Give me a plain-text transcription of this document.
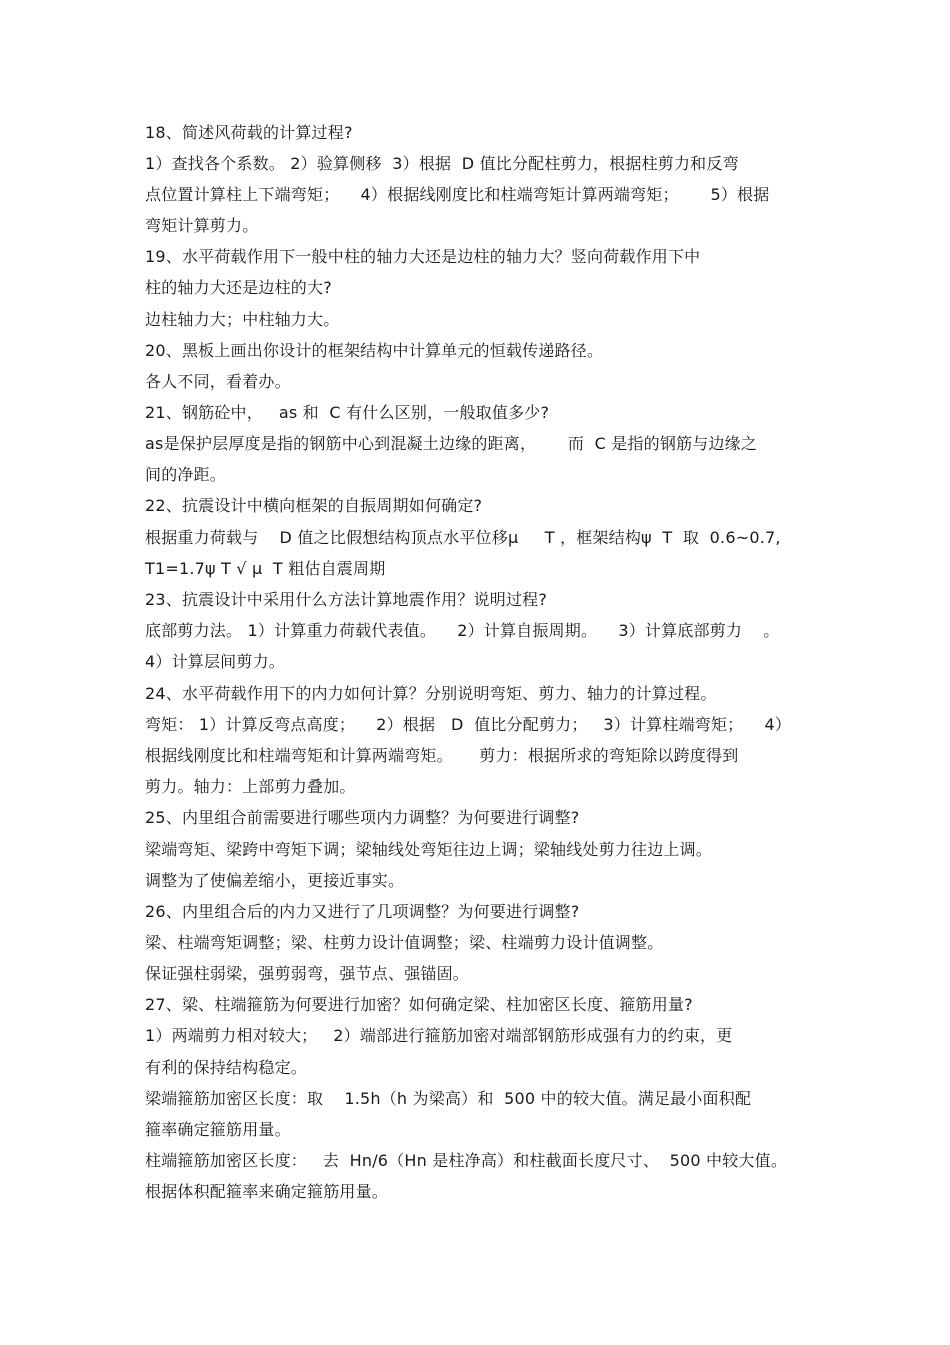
18、简述风荷载的计算过程?
1）查找各个系数。 2）验算侧移  3）根据  D 值比分配柱剪力，根据柱剪力和反弯
点位置计算柱上下端弯矩；    4）根据线刚度比和柱端弯矩计算两端弯矩；      5）根据
弯矩计算剪力。
19、水平荷载作用下一般中柱的轴力大还是边柱的轴力大？竖向荷载作用下中
柱的轴力大还是边柱的大?
边柱轴力大；中柱轴力大。
20、黑板上画出你设计的框架结构中计算单元的恒载传递路径。
各人不同，看着办。
21、钢筋砼中，   as 和  C 有什么区别，一般取值多少?
as是保护层厚度是指的钢筋中心到混凝土边缘的距离，      而  C 是指的钢筋与边缘之
间的净距。
22、抗震设计中横向框架的自振周期如何确定?
根据重力荷载与    D 值之比假想结构顶点水平位移μ     T ，框架结构ψ  T  取  0.6~0.7,
T1=1.7ψ T √ μ  T 粗估自震周期
23、抗震设计中采用什么方法计算地震作用？说明过程?
底部剪力法。 1）计算重力荷载代表值。    2）计算自振周期。    3）计算底部剪力    。
4）计算层间剪力。
24、水平荷载作用下的内力如何计算？分别说明弯矩、剪力、轴力的计算过程。
弯矩： 1）计算反弯点高度；    2）根据   D  值比分配剪力；   3）计算柱端弯矩；    4）
根据线刚度比和柱端弯矩和计算两端弯矩。     剪力：根据所求的弯矩除以跨度得到
剪力。轴力：上部剪力叠加。
25、内里组合前需要进行哪些项内力调整？为何要进行调整?
梁端弯矩、梁跨中弯矩下调；梁轴线处弯矩往边上调；梁轴线处剪力往边上调。
调整为了使偏差缩小，更接近事实。
26、内里组合后的内力又进行了几项调整？为何要进行调整?
梁、柱端弯矩调整；梁、柱剪力设计值调整；梁、柱端剪力设计值调整。
保证强柱弱梁，强剪弱弯，强节点、强锚固。
27、梁、柱端箍筋为何要进行加密？如何确定梁、柱加密区长度、箍筋用量?
1）两端剪力相对较大；   2）端部进行箍筋加密对端部钢筋形成强有力的约束，更
有利的保持结构稳定。
梁端箍筋加密区长度：取    1.5h（h 为梁高）和  500 中的较大值。满足最小面积配
箍率确定箍筋用量。
柱端箍筋加密区长度：   去  Hn/6（Hn 是柱净高）和柱截面长度尺寸、  500 中较大值。
根据体积配箍率来确定箍筋用量。
